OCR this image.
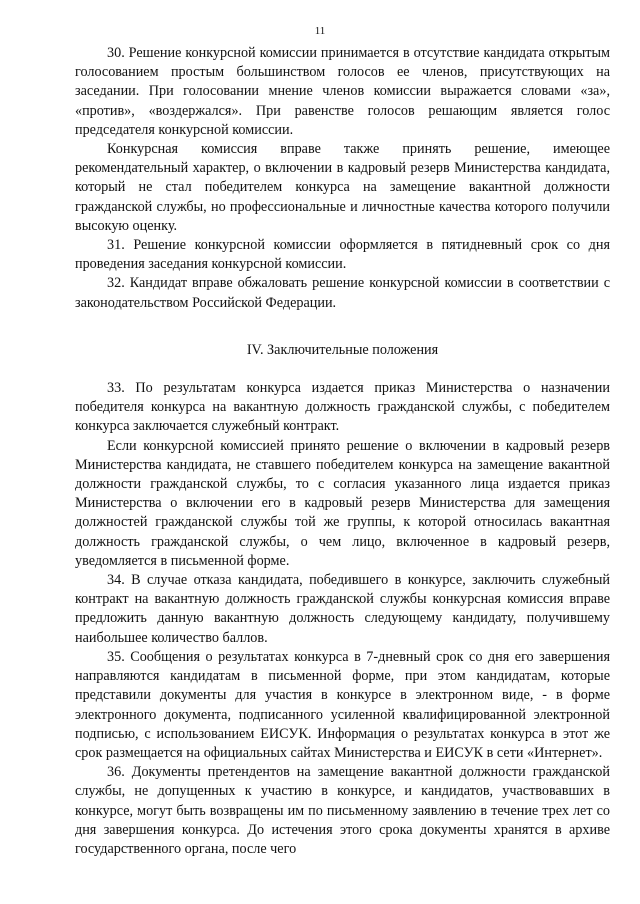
11

30. Решение конкурсной комиссии принимается в отсутствие кандидата открытым голосованием простым большинством голосов ее членов, присутствующих на заседании. При голосовании мнение членов комиссии выражается словами «за», «против», «воздержался». При равенстве голосов решающим является голос председателя конкурсной комиссии.

Конкурсная комиссия вправе также принять решение, имеющее рекомендательный характер, о включении в кадровый резерв Министерства кандидата, который не стал победителем конкурса на замещение вакантной должности гражданской службы, но профессиональные и личностные качества которого получили высокую оценку.

31. Решение конкурсной комиссии оформляется в пятидневный срок со дня проведения заседания конкурсной комиссии.

32. Кандидат вправе обжаловать решение конкурсной комиссии в соответствии с законодательством Российской Федерации.

IV. Заключительные положения

33. По результатам конкурса издается приказ Министерства о назначении победителя конкурса на вакантную должность гражданской службы, с победителем конкурса заключается служебный контракт.

Если конкурсной комиссией принято решение о включении в кадровый резерв Министерства кандидата, не ставшего победителем конкурса на замещение вакантной должности гражданской службы, то с согласия указанного лица издается приказ Министерства о включении его в кадровый резерв Министерства для замещения должностей гражданской службы той же группы, к которой относилась вакантная должность гражданской службы, о чем лицо, включенное в кадровый резерв, уведомляется в письменной форме.

34. В случае отказа кандидата, победившего в конкурсе, заключить служебный контракт на вакантную должность гражданской службы конкурсная комиссия вправе предложить данную вакантную должность следующему кандидату, получившему наибольшее количество баллов.

35. Сообщения о результатах конкурса в 7-дневный срок со дня его завершения направляются кандидатам в письменной форме, при этом кандидатам, которые представили документы для участия в конкурсе в электронном виде, - в форме электронного документа, подписанного усиленной квалифицированной электронной подписью, с использованием ЕИСУК. Информация о результатах конкурса в этот же срок размещается на официальных сайтах Министерства и ЕИСУК в сети «Интернет».

36. Документы претендентов на замещение вакантной должности гражданской службы, не допущенных к участию в конкурсе, и кандидатов, участвовавших в конкурсе, могут быть возвращены им по письменному заявлению в течение трех лет со дня завершения конкурса. До истечения этого срока документы хранятся в архиве государственного органа, после чего
